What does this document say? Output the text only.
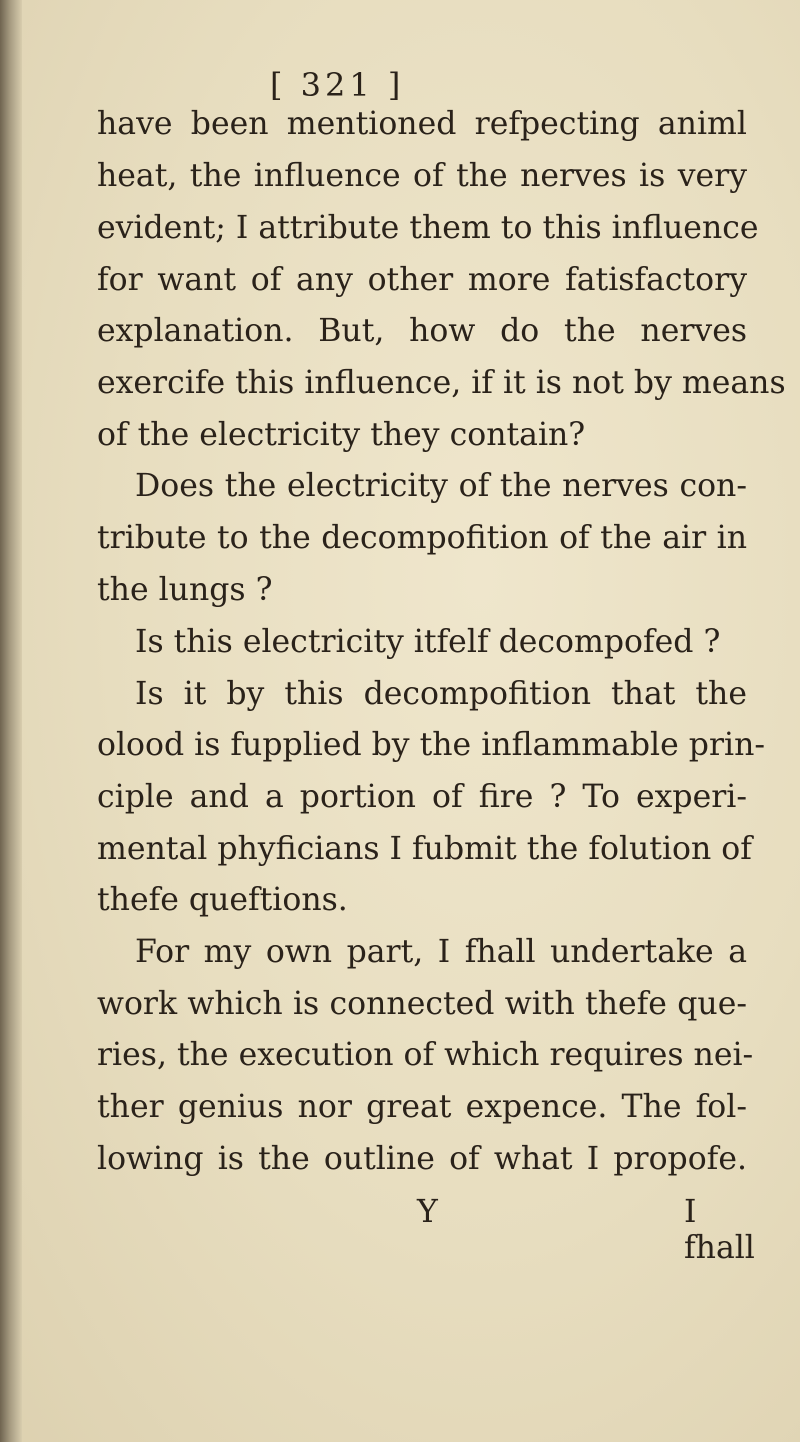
[ 321 ]
have been mentioned refpecting animl
heat, the influence of the nerves is very
evident; I attribute them to this influence
for want of any other more fatisfactory
explanation. But, how do the nerves
exercife this influence, if it is not by means
of the electricity they contain?
Does the electricity of the nerves con-
tribute to the decompofition of the air in
the lungs ?
Is this electricity itfelf decompofed ?
Is it by this decompofition that the
olood is fupplied by the inflammable prin-
ciple and a portion of fire ? To experi-
mental phyficians I fubmit the folution of
thefe queftions.
For my own part, I fhall undertake a
work which is connected with thefe que-
ries, the execution of which requires nei-
ther genius nor great expence. The fol-
lowing is the outline of what I propofe.
Y	I fhall
